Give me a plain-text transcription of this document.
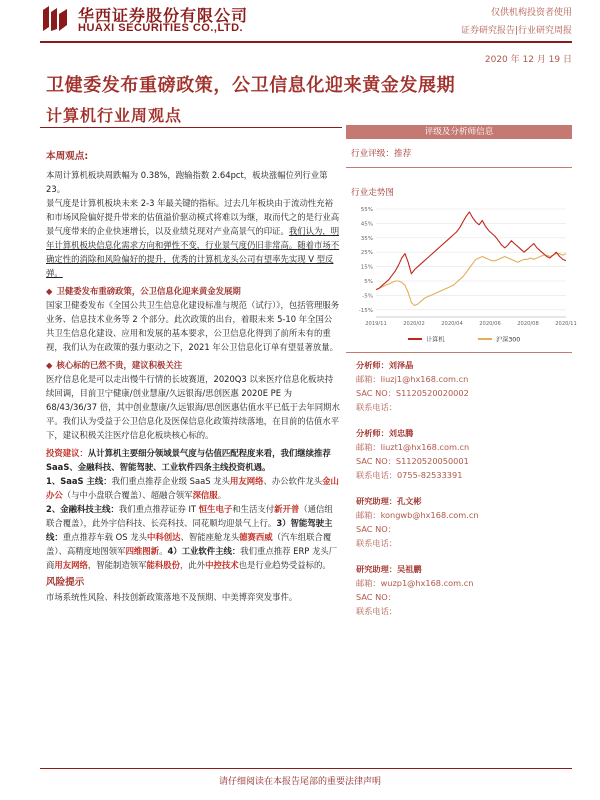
华西证券股份有限公司
HUAXI SECURITIES CO.,LTD.
仅供机构投资者使用
证券研究报告|行业研究周报
2020 年 12 月 19 日
卫健委发布重磅政策，公卫信息化迎来黄金发展期
计算机行业周观点

本周观点:

本周计算机板块周跌幅为 0.38%，跑输指数 2.64pct，板块涨幅位列行业第 23。

景气度是计算机板块未来 2-3 年最关键的指标。过去几年板块由于流动性充裕和市场风险偏好提升带来的估值溢价驱动模式将难以为继，取而代之的是行业高景气度带来的企业快速增长，以及业绩兑现对产业高景气的印证。我们认为，明年计算机板块信息化需求方向和弹性不变，行业景气度仍旧非常高。随着市场不确定性的消除和风险偏好的提升，优秀的计算机龙头公司有望率先实现 V 型反弹。

◆ 卫健委发布重磅政策，公卫信息化迎来黄金发展期

国家卫健委发布《全国公共卫生信息化建设标准与规范（试行）》，包括管理服务业务、信息技术业务等 2 个部分。此次政策的出台，着眼未来 5-10 年全国公共卫生信息化建设、应用和发展的基本要求，公卫信息化得到了前所未有的重视，我们认为在政策的强力驱动之下，2021 年公卫信息化订单有望显著放量。

◆ 核心标的已然不贵，建议积极关注

医疗信息化是可以走出慢牛行情的长坡赛道，2020Q3 以来医疗信息化板块持续回调，目前卫宁健康/创业慧康/久远银海/思创医惠 2020E PE 为 68/43/36/37 倍，其中创业慧康/久远银海/思创医惠估值水平已低于去年同期水平。我们认为受益于公卫信息化及医保信息化政策持续落地，在目前的估值水平下，建议积极关注医疗信息化板块核心标的。

投资建议：从计算机主要细分领域景气度与估值匹配程度来看，我们继续推荐 SaaS、金融科技、智能驾驶、工业软件四条主线投资机遇。

1、SaaS 主线：我们重点推荐企业级 SaaS 龙头用友网络、办公软件龙头金山办公（与中小盘联合覆盖）、超融合领军深信服。

2、金融科技主线：我们重点推荐证券 IT 恒生电子和生活支付新开普（通信组联合覆盖），此外宇信科技、长亮科技、同花顺均迎景气上行。3）智能驾驶主线：重点推荐车载 OS 龙头中科创达、智能座舱龙头德赛西威（汽车组联合覆盖）、高精度地图领军四维图新。4）工业软件主线：我们重点推荐 ERP 龙头厂商用友网络，智能制造领军能科股份，此外中控技术也是行业趋势受益标的。

风险提示

市场系统性风险、科技创新政策落地不及预期、中美博弈突发事件。

评级及分析师信息
行业评级：推荐
行业走势图
55%
45%
35%
25%
15%
5%
-5%
-15%
2019/11	2020/02	2020/04	2020/06	2020/08	2020/11
计算机	沪深300
分析师：刘泽晶
邮箱：liuzj1@hx168.com.cn
SAC NO：S1120520020002
联系电话：
分析师：刘忠腾
邮箱：liuzt1@hx168.com.cn
SAC NO：S1120520050001
联系电话：0755-82533391
研究助理：孔文彬
邮箱：kongwb@hx168.com.cn
SAC NO：
联系电话：
研究助理：吴祖鹏
邮箱：wuzp1@hx168.com.cn
SAC NO：
联系电话：
请仔细阅读在本报告尾部的重要法律声明
